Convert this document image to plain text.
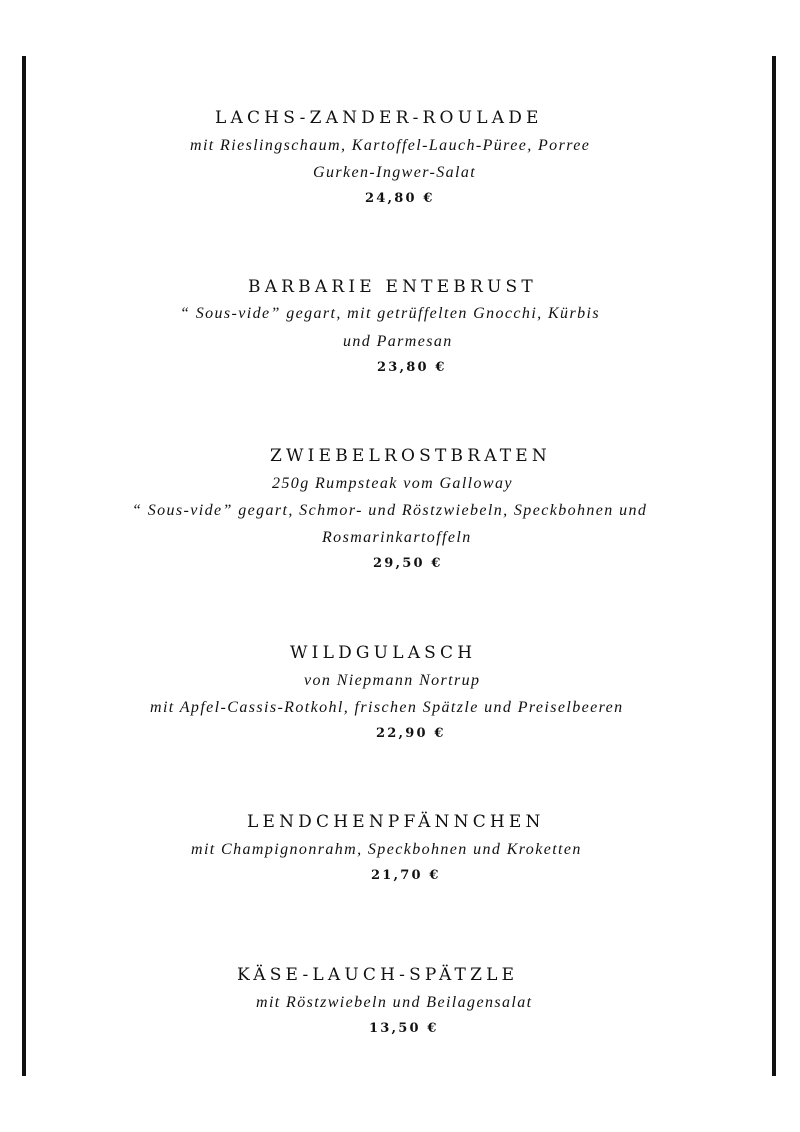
LACHS-ZANDER-ROULADE
mit Rieslingschaum, Kartoffel-Lauch-Püree, Porree
Gurken-Ingwer-Salat
24,80 €
BARBARIE ENTEBRUST
“ Sous-vide” gegart, mit getrüffelten Gnocchi, Kürbis
und Parmesan
23,80 €
ZWIEBELROSTBRATEN
250g Rumpsteak vom Galloway
“ Sous-vide” gegart, Schmor- und Röstzwiebeln, Speckbohnen und
Rosmarinkartoffeln
29,50 €
WILDGULASCH
von Niepmann Nortrup
mit Apfel-Cassis-Rotkohl, frischen Spätzle und Preiselbeeren
22,90 €
LENDCHENPFÄNNCHEN
mit Champignonrahm, Speckbohnen und Kroketten
21,70 €
KÄSE-LAUCH-SPÄTZLE
mit Röstzwiebeln und Beilagensalat
13,50 €
